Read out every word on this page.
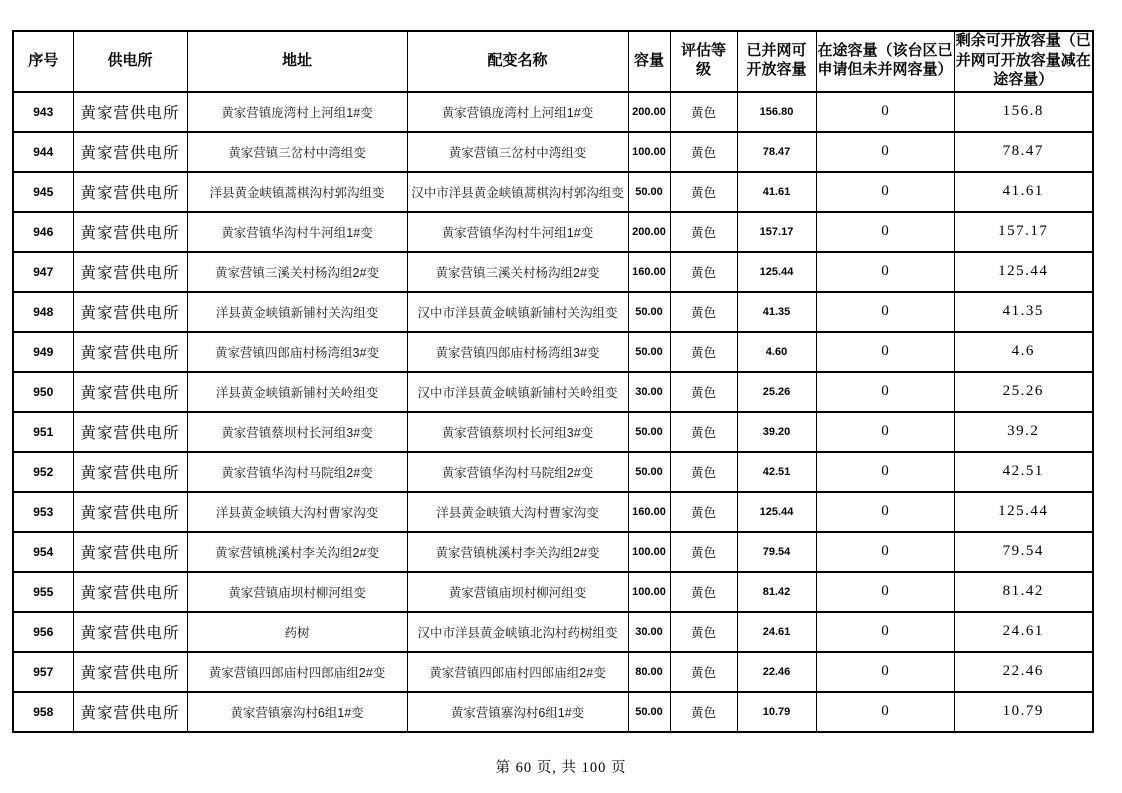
序号	供电所	地址	配变名称	容量	评估等级	已并网可开放容量	在途容量（该台区已申请但未并网容量）	剩余可开放容量（已并网可开放容量减在途容量）
943	黄家营供电所	黄家营镇庞湾村上河组1#变	黄家营镇庞湾村上河组1#变	200.00	黄色	156.80	0	156.8
944	黄家营供电所	黄家营镇三岔村中湾组变	黄家营镇三岔村中湾组变	100.00	黄色	78.47	0	78.47
945	黄家营供电所	洋县黄金峡镇蒿棋沟村郭沟组变	汉中市洋县黄金峡镇蒿棋沟村郭沟组变	50.00	黄色	41.61	0	41.61
946	黄家营供电所	黄家营镇华沟村牛河组1#变	黄家营镇华沟村牛河组1#变	200.00	黄色	157.17	0	157.17
947	黄家营供电所	黄家营镇三溪关村杨沟组2#变	黄家营镇三溪关村杨沟组2#变	160.00	黄色	125.44	0	125.44
948	黄家营供电所	洋县黄金峡镇新铺村关沟组变	汉中市洋县黄金峡镇新铺村关沟组变	50.00	黄色	41.35	0	41.35
949	黄家营供电所	黄家营镇四郎庙村杨湾组3#变	黄家营镇四郎庙村杨湾组3#变	50.00	黄色	4.60	0	4.6
950	黄家营供电所	洋县黄金峡镇新铺村关岭组变	汉中市洋县黄金峡镇新铺村关岭组变	30.00	黄色	25.26	0	25.26
951	黄家营供电所	黄家营镇蔡坝村长河组3#变	黄家营镇蔡坝村长河组3#变	50.00	黄色	39.20	0	39.2
952	黄家营供电所	黄家营镇华沟村马院组2#变	黄家营镇华沟村马院组2#变	50.00	黄色	42.51	0	42.51
953	黄家营供电所	洋县黄金峡镇大沟村曹家沟变	洋县黄金峡镇大沟村曹家沟变	160.00	黄色	125.44	0	125.44
954	黄家营供电所	黄家营镇桃溪村李关沟组2#变	黄家营镇桃溪村李关沟组2#变	100.00	黄色	79.54	0	79.54
955	黄家营供电所	黄家营镇庙坝村柳河组变	黄家营镇庙坝村柳河组变	100.00	黄色	81.42	0	81.42
956	黄家营供电所	药树	汉中市洋县黄金峡镇北沟村药树组变	30.00	黄色	24.61	0	24.61
957	黄家营供电所	黄家营镇四郎庙村四郎庙组2#变	黄家营镇四郎庙村四郎庙组2#变	80.00	黄色	22.46	0	22.46
958	黄家营供电所	黄家营镇寨沟村6组1#变	黄家营镇寨沟村6组1#变	50.00	黄色	10.79	0	10.79
第 60 页, 共 100 页
